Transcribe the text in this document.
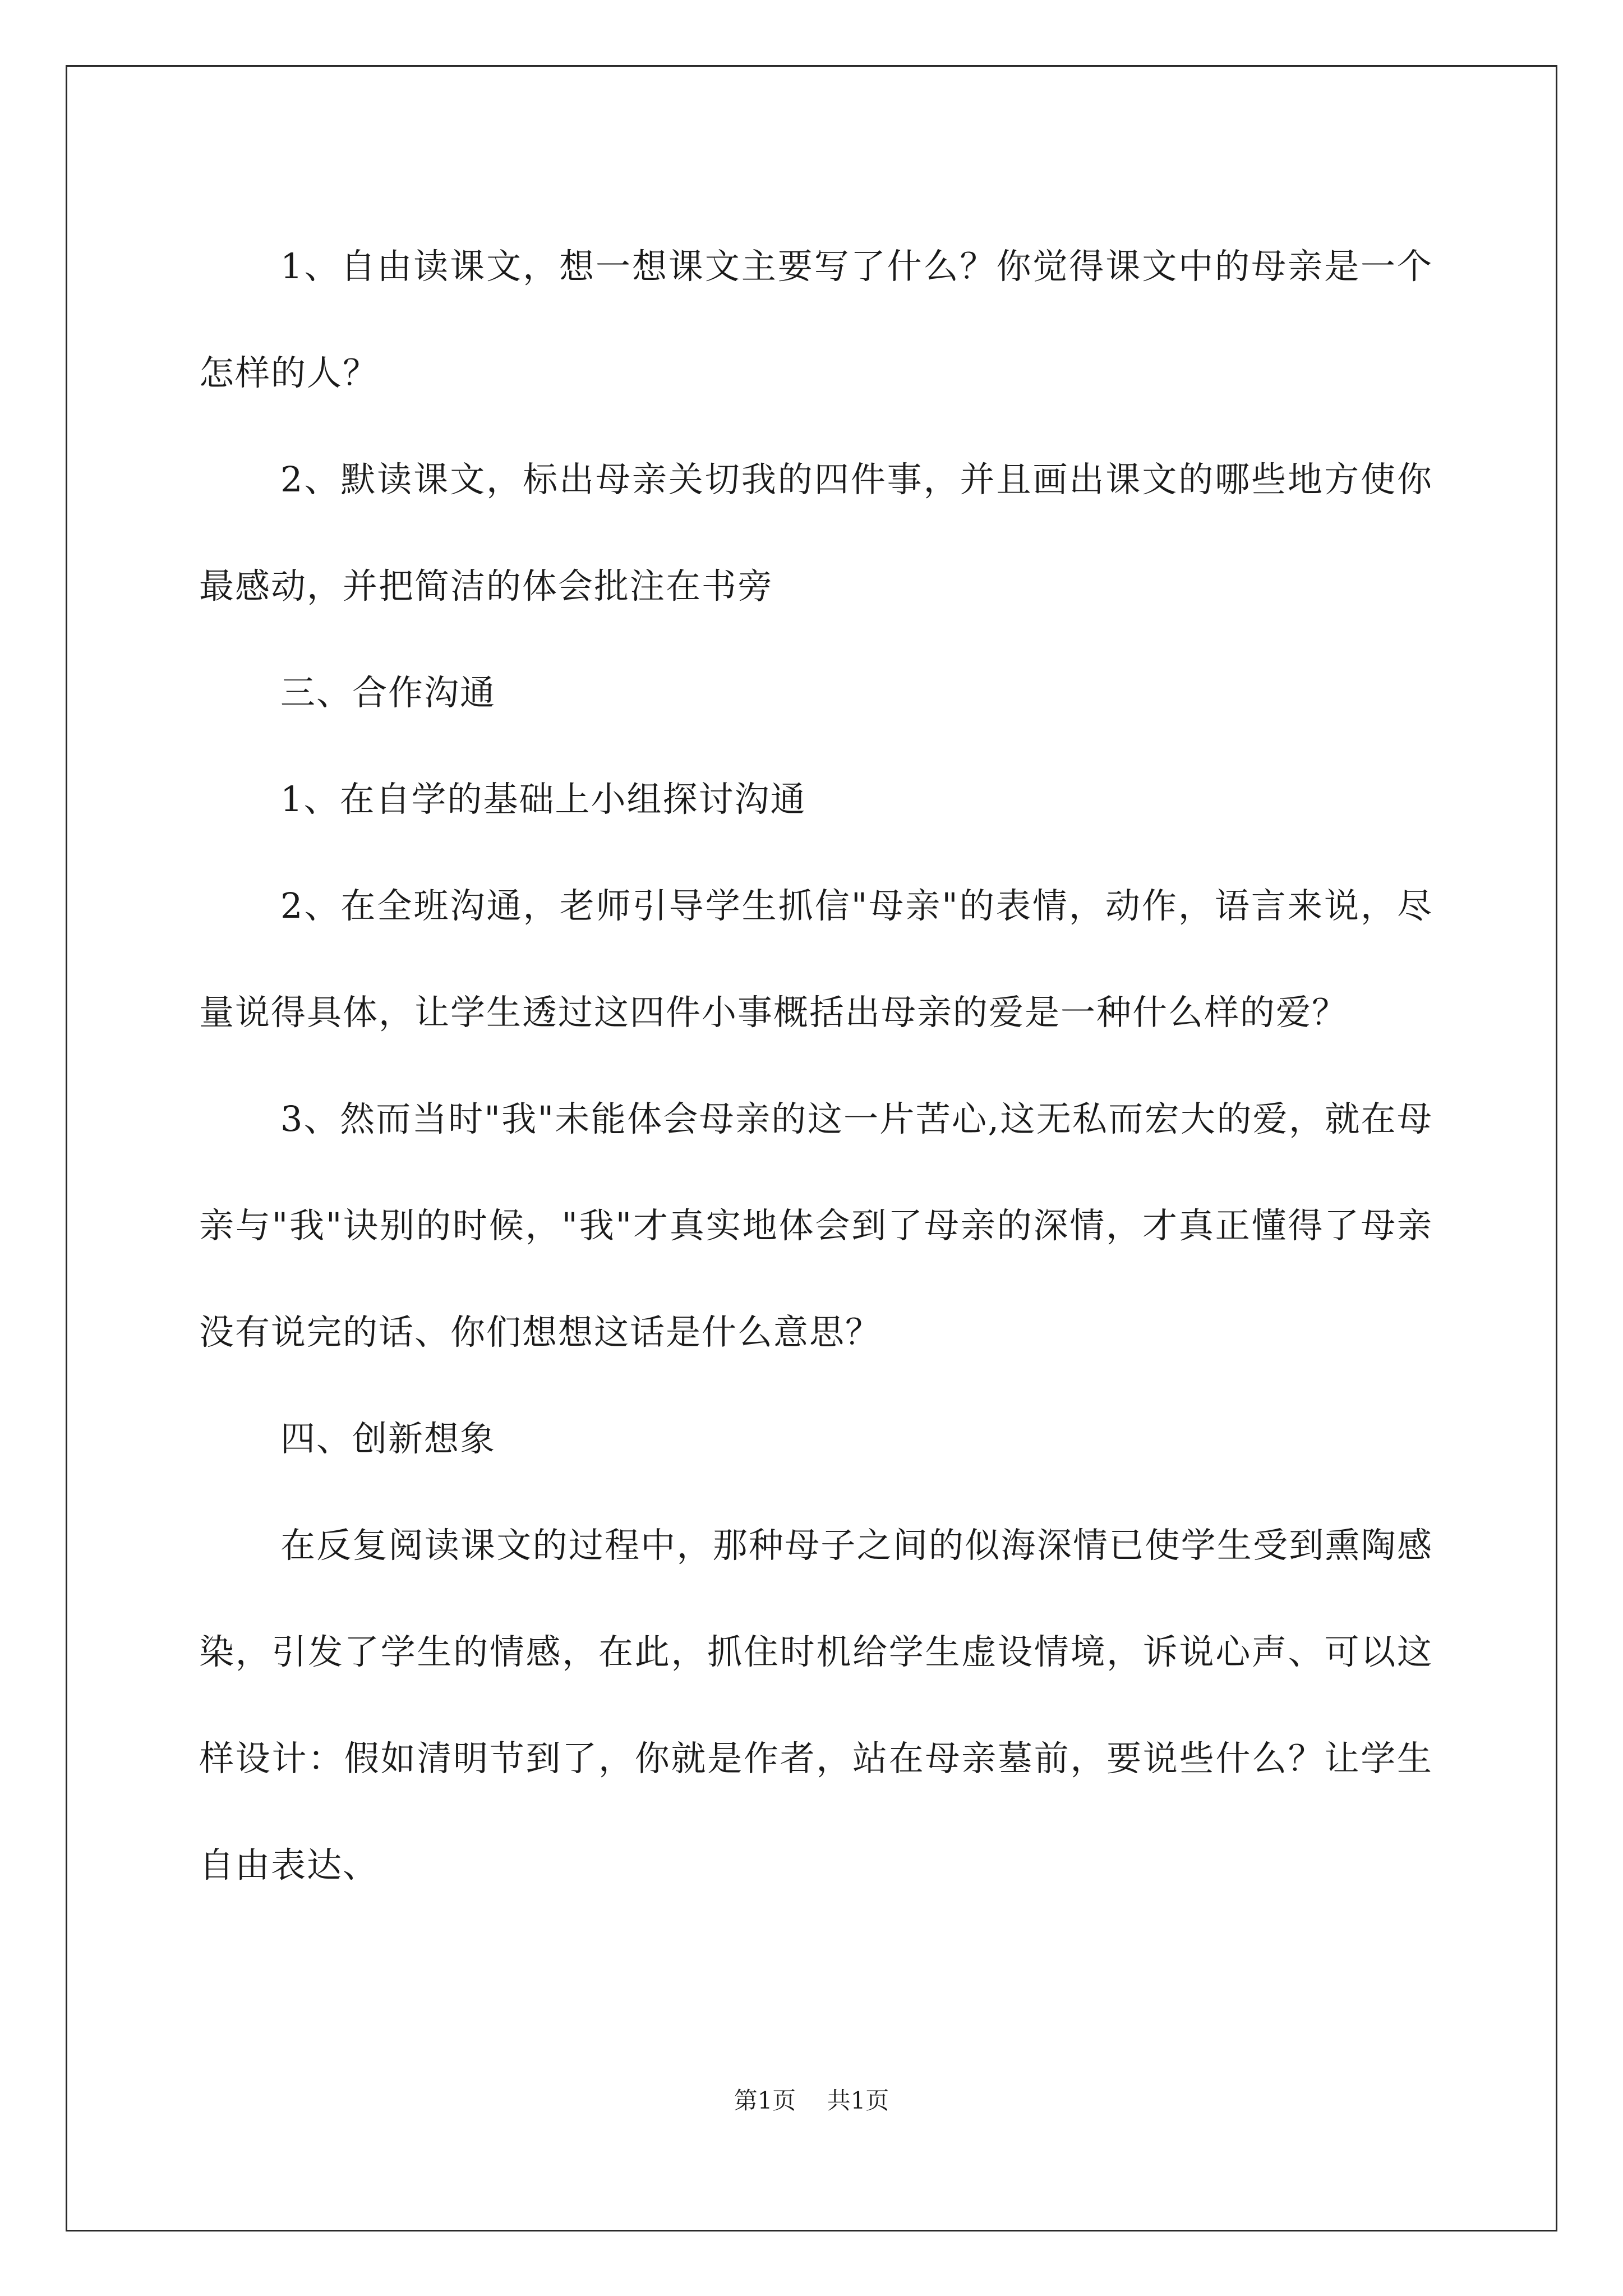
1、自由读课文，想一想课文主要写了什么？你觉得课文中的母亲是一个怎样的人？

2、默读课文，标出母亲关切我的四件事，并且画出课文的哪些地方使你最感动，并把简洁的体会批注在书旁

三、合作沟通

1、在自学的基础上小组探讨沟通

2、在全班沟通，老师引导学生抓信"母亲"的表情，动作，语言来说，尽量说得具体，让学生透过这四件小事概括出母亲的爱是一种什么样的爱？

3、然而当时"我"未能体会母亲的这一片苦心,这无私而宏大的爱，就在母亲与"我"诀别的时候，"我"才真实地体会到了母亲的深情，才真正懂得了母亲没有说完的话、你们想想这话是什么意思？

四、创新想象

在反复阅读课文的过程中，那种母子之间的似海深情已使学生受到熏陶感染，引发了学生的情感，在此，抓住时机给学生虚设情境，诉说心声、可以这样设计：假如清明节到了，你就是作者，站在母亲墓前，要说些什么？让学生自由表达、

第1页 共1页
